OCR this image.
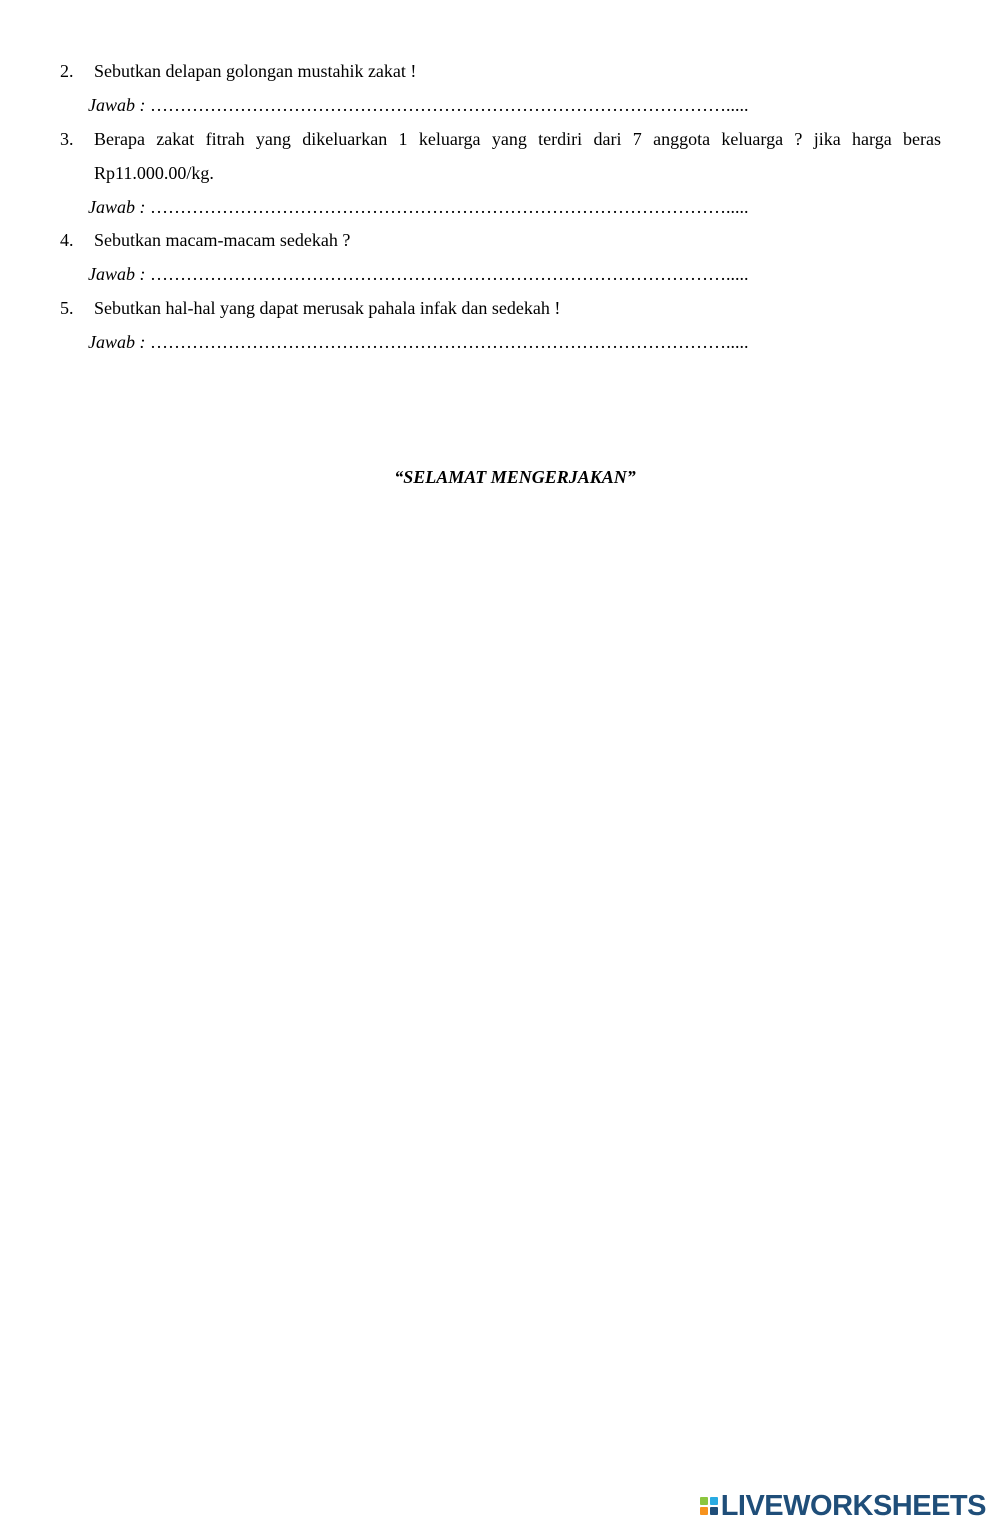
2. Sebutkan delapan golongan mustahik zakat !
Jawab : …………………………………………………………………………………….....
3. Berapa zakat fitrah yang dikeluarkan 1 keluarga yang terdiri dari 7 anggota keluarga ? jika harga beras Rp11.000.00/kg.
Jawab : …………………………………………………………………………………….....
4. Sebutkan macam-macam sedekah ?
Jawab : …………………………………………………………………………………….....
5. Sebutkan hal-hal yang dapat merusak pahala infak dan sedekah !
Jawab : …………………………………………………………………………………….....
“SELAMAT MENGERJAKAN”
LIVEWORKSHEETS
